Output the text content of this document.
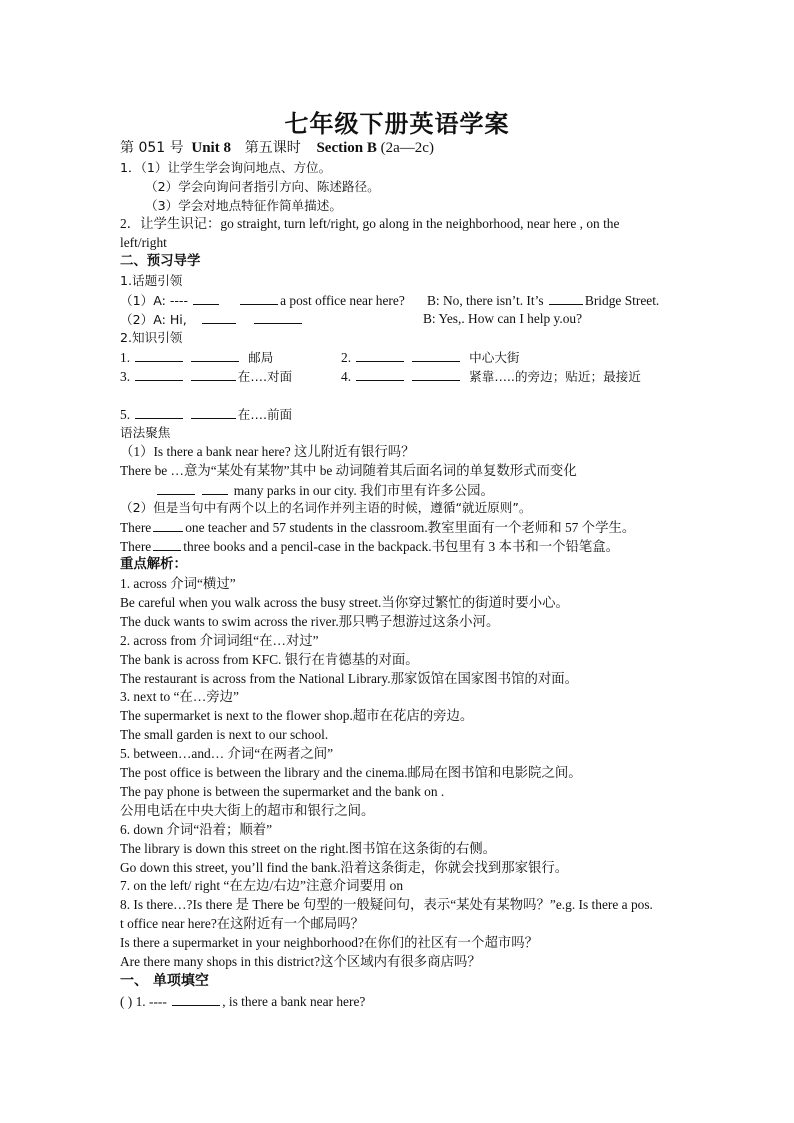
七年级下册英语学案
第 051 号 Unit 8 第五课时 Section B (2a—2c)
1．（1）让学生学会询问地点、方位。
（2）学会向询问者指引方向、陈述路径。
（3）学会对地点特征作简单描述。
2．让学生识记：go straight, turn left/right, go along in the neighborhood, near here , on the
left/right
二、预习导学
1.话题引领
（1）A: ----	a post office near here? B: No, there isn’t. It’s	Bridge Street.
（2）A: Hi,	B: Yes,. How can I help y.ou?
2.知识引领
1.	邮局	2.	中心大街
3.	在….对面	4.	紧靠…..的旁边；贴近；最接近
5.	在….前面
语法聚焦
（1）Is there a bank near here? 这儿附近有银行吗？
There be …意为“某处有某物”其中 be 动词随着其后面名词的单复数形式而变化
many parks in our city. 我们市里有许多公园。
（2）但是当句中有两个以上的名词作并列主语的时候，遵循“就近原则”。
There	one teacher and 57 students in the classroom.教室里面有一个老师和 57 个学生。
There three books and a pencil-case in the backpack.书包里有 3 本书和一个铅笔盒。
重点解析：
1. across 介词“横过”
Be careful when you walk across the busy street.当你穿过繁忙的街道时要小心。
The duck wants to swim across the river.那只鸭子想游过这条小河。
2. across from 介词词组“在…对过”
The bank is across from KFC. 银行在肯德基的对面。
The restaurant is across from the National Library.那家饭馆在国家图书馆的对面。
3. next to “在…旁边”
The supermarket is next to the flower shop.超市在花店的旁边。
The small garden is next to our school.
5. between…and… 介词“在两者之间”
The post office is between the library and the cinema.邮局在图书馆和电影院之间。
The pay phone is between the supermarket and the bank on .
公用电话在中央大街上的超市和银行之间。
6. down 介词“沿着；顺着”
The library is down this street on the right.图书馆在这条街的右侧。
Go down this street, you’ll find the bank.沿着这条街走，你就会找到那家银行。
7. on the left/ right “在左边/右边”注意介词要用 on
8. Is there…?Is there 是 There be 句型的一般疑问句，表示“某处有某物吗？”e.g. Is there a pos.
t office near here?在这附近有一个邮局吗？
Is there a supermarket in your neighborhood?在你们的社区有一个超市吗？
Are there many shops in this district?这个区域内有很多商店吗？
一、 单项填空
( ) 1. ----	, is there a bank near here?
